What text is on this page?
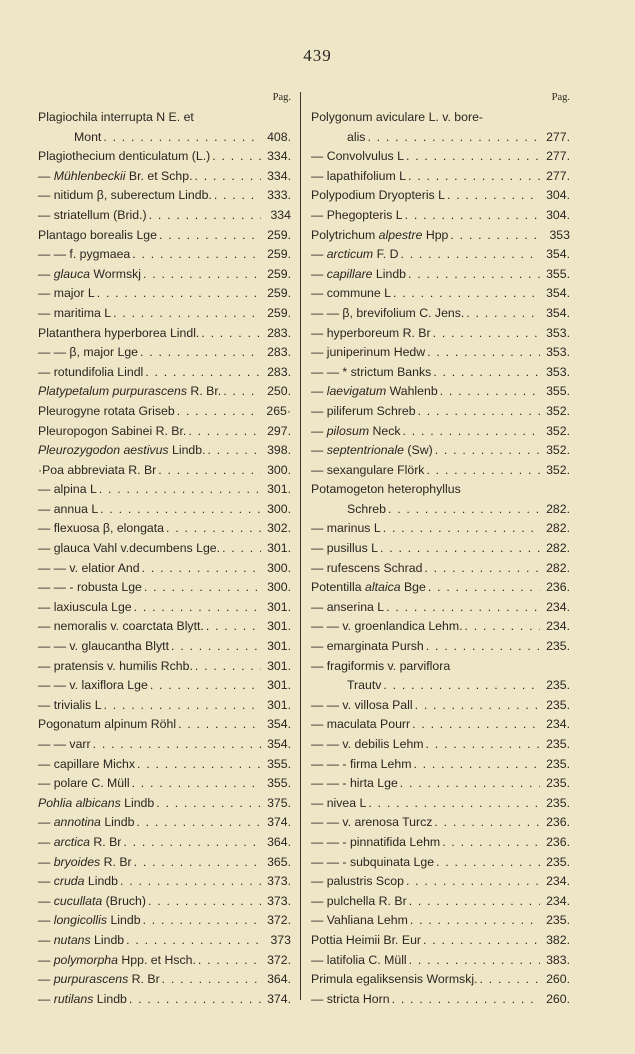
439
Pag.
Plagiochila interrupta N E. et
Mont . . .	408.
Plagiothecium denticulatum (L.) . . .	334.
— Mühlenbeckii Br. et Schp. . . .	334.
— nitidum β, suberectum Lindb. . . .	333.
— striatellum (Brid.) . . .	334
Plantago borealis Lge . . .	259.
— — f. pygmaea . . .	259.
— glauca Wormskj . . .	259.
— major L . . .	259.
— maritima L . . .	259.
Platanthera hyperborea Lindl. . . .	283.
— — β, major Lge . . .	283.
— rotundifolia Lindl . . .	283.
Platypetalum purpurascens R. Br. . . .	250.
Pleurogyne rotata Griseb . . .	265·
Pleuropogon Sabinei R. Br. . . .	297.
Pleurozygodon aestivus Lindb. . . .	398.
·Poa abbreviata R. Br . . .	300.
— alpina L . . .	301.
— annua L . . .	300.
— flexuosa β, elongata . . .	302.
— glauca Vahl v.decumbens Lge. . . .	301.
— — v. elatior And . . .	300.
— — - robusta Lge . . .	300.
— laxiuscula Lge . . .	301.
— nemoralis v. coarctata Blytt. . . .	301.
— — v. glaucantha Blytt . . .	301.
— pratensis v. humilis Rchb. . . .	301.
— — v. laxiflora Lge . . .	301.
— trivialis L . . .	301.
Pogonatum alpinum Röhl . . .	354.
— — varr . . .	354.
— capillare Michx . . .	355.
— polare C. Müll . . .	355.
Pohlia albicans Lindb . . .	375.
— annotina Lindb . . .	374.
— arctica R. Br . . .	364.
— bryoides R. Br . . .	365.
— cruda Lindb . . .	373.
— cucullata (Bruch) . . .	373.
— longicollis Lindb . . .	372.
— nutans Lindb . . .	373
— polymorpha Hpp. et Hsch. . . .	372.
— purpurascens R. Br . . .	364.
— rutilans Lindb . . .	374.
Pag.
Polygonum aviculare L. v. bore-
alis . . .	277.
— Convolvulus L . . .	277.
— lapathifolium L . . .	277.
Polypodium Dryopteris L . . .	304.
— Phegopteris L . . .	304.
Polytrichum alpestre Hpp . . .	353
— arcticum F. D . . .	354.
— capillare Lindb . . .	355.
— commune L . . .	354.
— — β, brevifolium C. Jens. . . .	354.
— hyperboreum R. Br . . .	353.
— juniperinum Hedw . . .	353.
— — * strictum Banks . . .	353.
— laevigatum Wahlenb . . .	355.
— piliferum Schreb . . .	352.
— pilosum Neck . . .	352.
— septentrionale (Sw) . . .	352.
— sexangulare Flörk . . .	352.
Potamogeton heterophyllus
Schreb . . .	282.
— marinus L . . .	282.
— pusillus L . . .	282.
— rufescens Schrad . . .	282.
Potentilla altaica Bge . . .	236.
— anserina L . . .	234.
— — v. groenlandica Lehm. . . .	234.
— emarginata Pursh . . .	235.
— fragiformis v. parviflora
Trautv . . .	235.
— — v. villosa Pall . . .	235.
— maculata Pourr . . .	234.
— — v. debilis Lehm . . .	235.
— — - firma Lehm . . .	235.
— — - hirta Lge . . .	235.
— nivea L . . .	235.
— — v. arenosa Turcz . . .	236.
— — - pinnatifida Lehm . . .	236.
— — - subquinata Lge . . .	235.
— palustris Scop . . .	234.
— pulchella R. Br . . .	234.
— Vahliana Lehm . . .	235.
Pottia Heimii Br. Eur . . .	382.
— latifolia C. Müll . . .	383.
Primula egaliksensis Wormskj. . . .	260.
— stricta Horn . . .	260.
